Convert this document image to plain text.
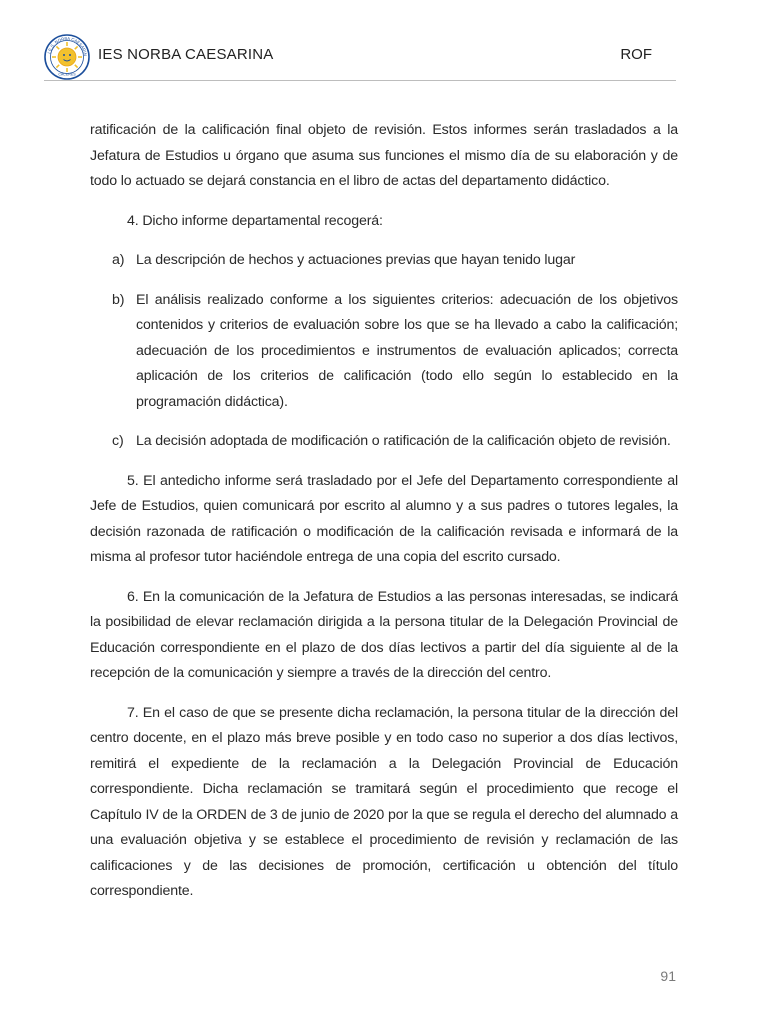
I.E.S. NORBA CAESARIN
CÁCERES
IES NORBA CAESARINA	ROF

ratificación de la calificación final objeto de revisión. Estos informes serán trasladados a la Jefatura de Estudios u órgano que asuma sus funciones el mismo día de su elaboración y de todo lo actuado se dejará constancia en el libro de actas del departamento didáctico.

4. Dicho informe departamental recogerá:

a) La descripción de hechos y actuaciones previas que hayan tenido lugar
b) El análisis realizado conforme a los siguientes criterios: adecuación de los objetivos contenidos y criterios de evaluación sobre los que se ha llevado a cabo la calificación; adecuación de los procedimientos e instrumentos de evaluación aplicados; correcta aplicación de los criterios de calificación (todo ello según lo establecido en la programación didáctica).
c) La decisión adoptada de modificación o ratificación de la calificación objeto de revisión.

5. El antedicho informe será trasladado por el Jefe del Departamento correspondiente al Jefe de Estudios, quien comunicará por escrito al alumno y a sus padres o tutores legales, la decisión razonada de ratificación o modificación de la calificación revisada e informará de la misma al profesor tutor haciéndole entrega de una copia del escrito cursado.

6. En la comunicación de la Jefatura de Estudios a las personas interesadas, se indicará la posibilidad de elevar reclamación dirigida a la persona titular de la Delegación Provincial de Educación correspondiente en el plazo de dos días lectivos a partir del día siguiente al de la recepción de la comunicación y siempre a través de la dirección del centro.

7. En el caso de que se presente dicha reclamación, la persona titular de la dirección del centro docente, en el plazo más breve posible y en todo caso no superior a dos días lectivos, remitirá el expediente de la reclamación a la Delegación Provincial de Educación correspondiente. Dicha reclamación se tramitará según el procedimiento que recoge el Capítulo IV de la ORDEN de 3 de junio de 2020 por la que se regula el derecho del alumnado a una evaluación objetiva y se establece el procedimiento de revisión y reclamación de las calificaciones y de las decisiones de promoción, certificación u obtención del título correspondiente.

91
